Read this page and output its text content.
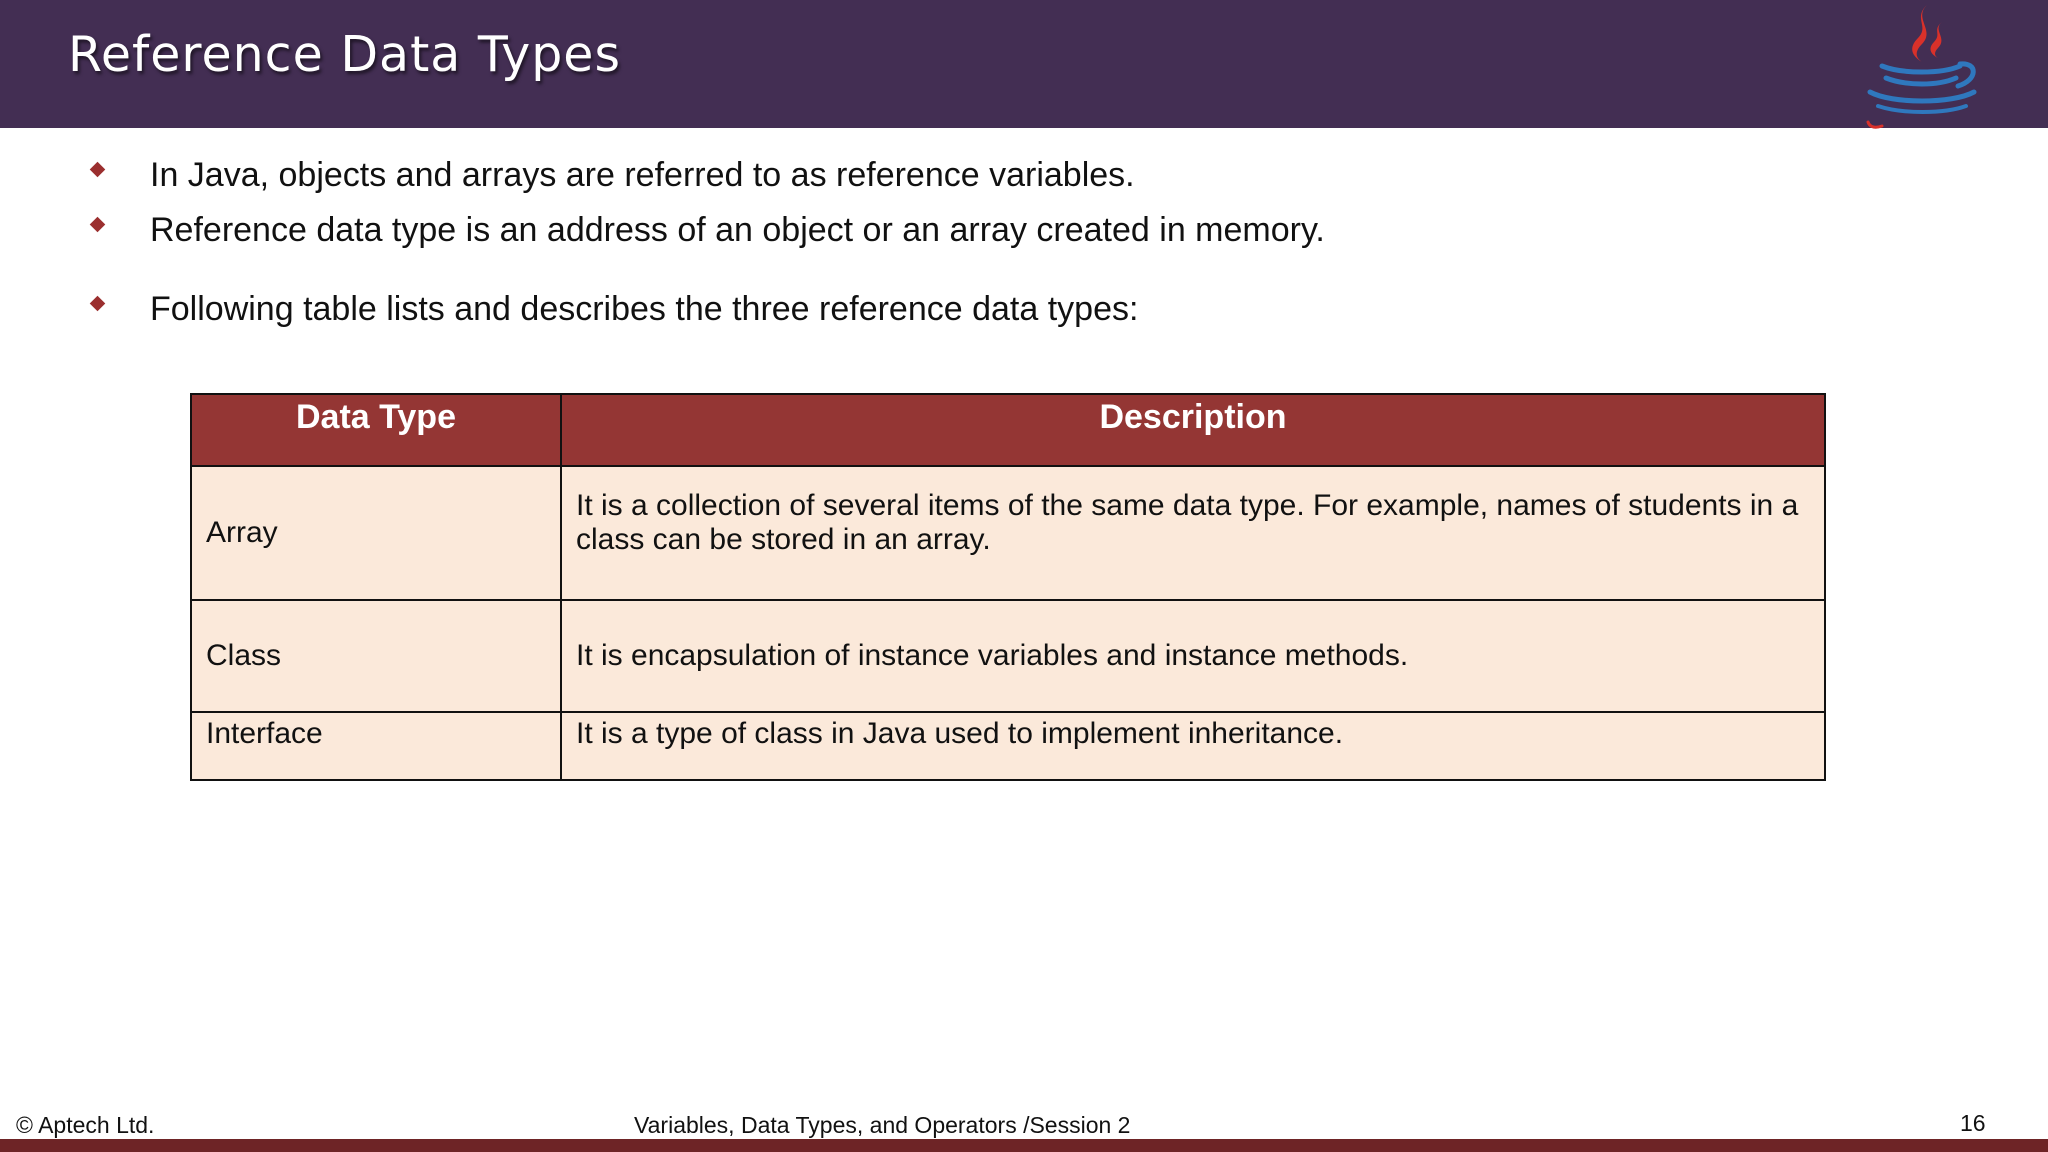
Reference Data Types
In Java, objects and arrays are referred to as reference variables.
Reference data type is an address of an object or an array created in memory.
Following table lists and describes the three reference data types:
Data Type	Description
Array	It is a collection of several items of the same data type. For example, names of students in a class can be stored in an array.
Class	It is encapsulation of instance variables and instance methods.
Interface	It is a type of class in Java used to implement inheritance.
© Aptech Ltd.	Variables, Data Types, and Operators /Session 2	16
